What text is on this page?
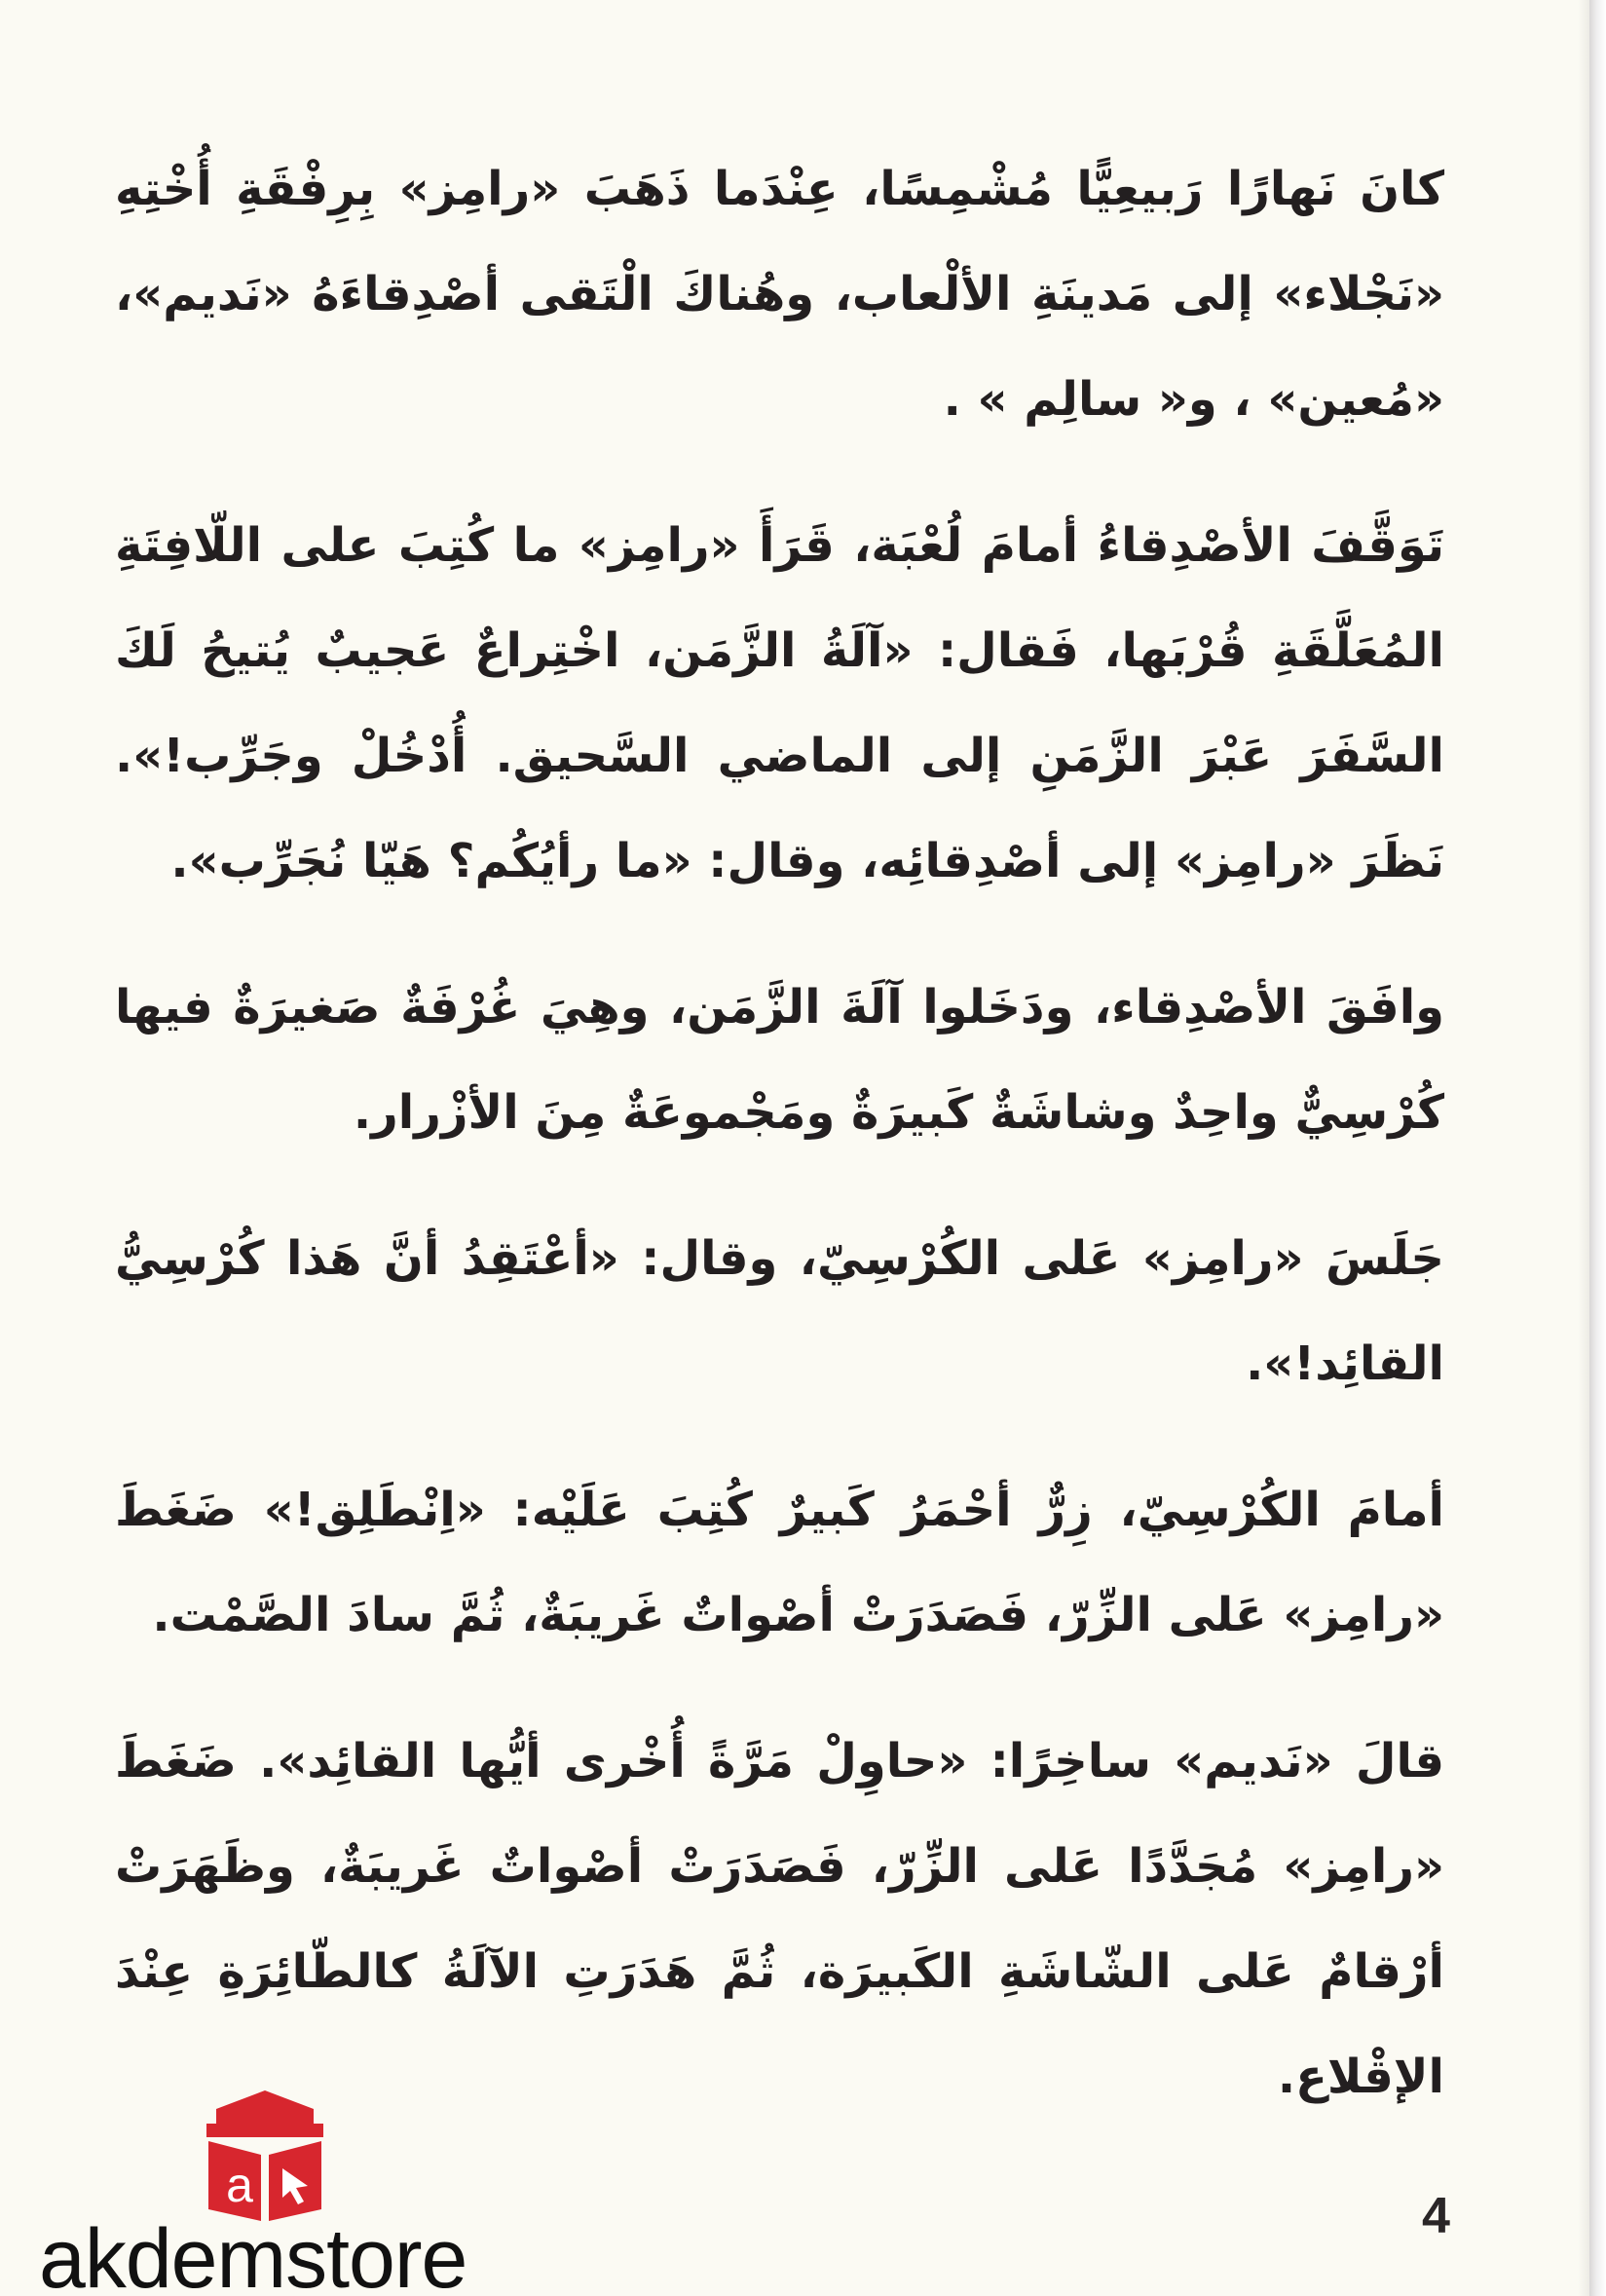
كانَ نَهارًا رَبيعِيًّا مُشْمِسًا، عِنْدَما ذَهَبَ «رامِز» بِرِفْقَةِ أُخْتِهِ «نَجْلاء» إلى مَدينَةِ الألْعاب، وهُناكَ الْتَقى أصْدِقاءَهُ «نَديم»، «مُعين» ، و« سالِم » .

تَوَقَّفَ الأصْدِقاءُ أمامَ لُعْبَة، قَرَأَ «رامِز» ما كُتِبَ على اللّافِتَةِ المُعَلَّقَةِ قُرْبَها، فَقال: «آلَةُ الزَّمَن، اخْتِراعٌ عَجيبٌ يُتيحُ لَكَ السَّفَرَ عَبْرَ الزَّمَنِ إلى الماضي السَّحيق. أُدْخُلْ وجَرِّب!». نَظَرَ «رامِز» إلى أصْدِقائِه، وقال: «ما رأيُكُم؟ هَيّا نُجَرِّب».

وافَقَ الأصْدِقاء، ودَخَلوا آلَةَ الزَّمَن، وهِيَ غُرْفَةٌ صَغيرَةٌ فيها كُرْسِيٌّ واحِدٌ وشاشَةٌ كَبيرَةٌ ومَجْموعَةٌ مِنَ الأزْرار.

جَلَسَ «رامِز» عَلى الكُرْسِيّ، وقال: «أعْتَقِدُ أنَّ هَذا كُرْسِيُّ القائِد!».

أمامَ الكُرْسِيّ، زِرٌّ أحْمَرُ كَبيرٌ كُتِبَ عَلَيْه: «اِنْطَلِق!» ضَغَطَ «رامِز» عَلى الزِّرّ، فَصَدَرَتْ أصْواتٌ غَريبَةٌ، ثُمَّ سادَ الصَّمْت.

قالَ «نَديم» ساخِرًا: «حاوِلْ مَرَّةً أُخْرى أيُّها القائِد». ضَغَطَ «رامِز» مُجَدَّدًا عَلى الزِّرّ، فَصَدَرَتْ أصْواتٌ غَريبَةٌ، وظَهَرَتْ أرْقامٌ عَلى الشّاشَةِ الكَبيرَة، ثُمَّ هَدَرَتِ الآلَةُ كالطّائِرَةِ عِنْدَ الإقْلاع.

4
a
akdemstore
